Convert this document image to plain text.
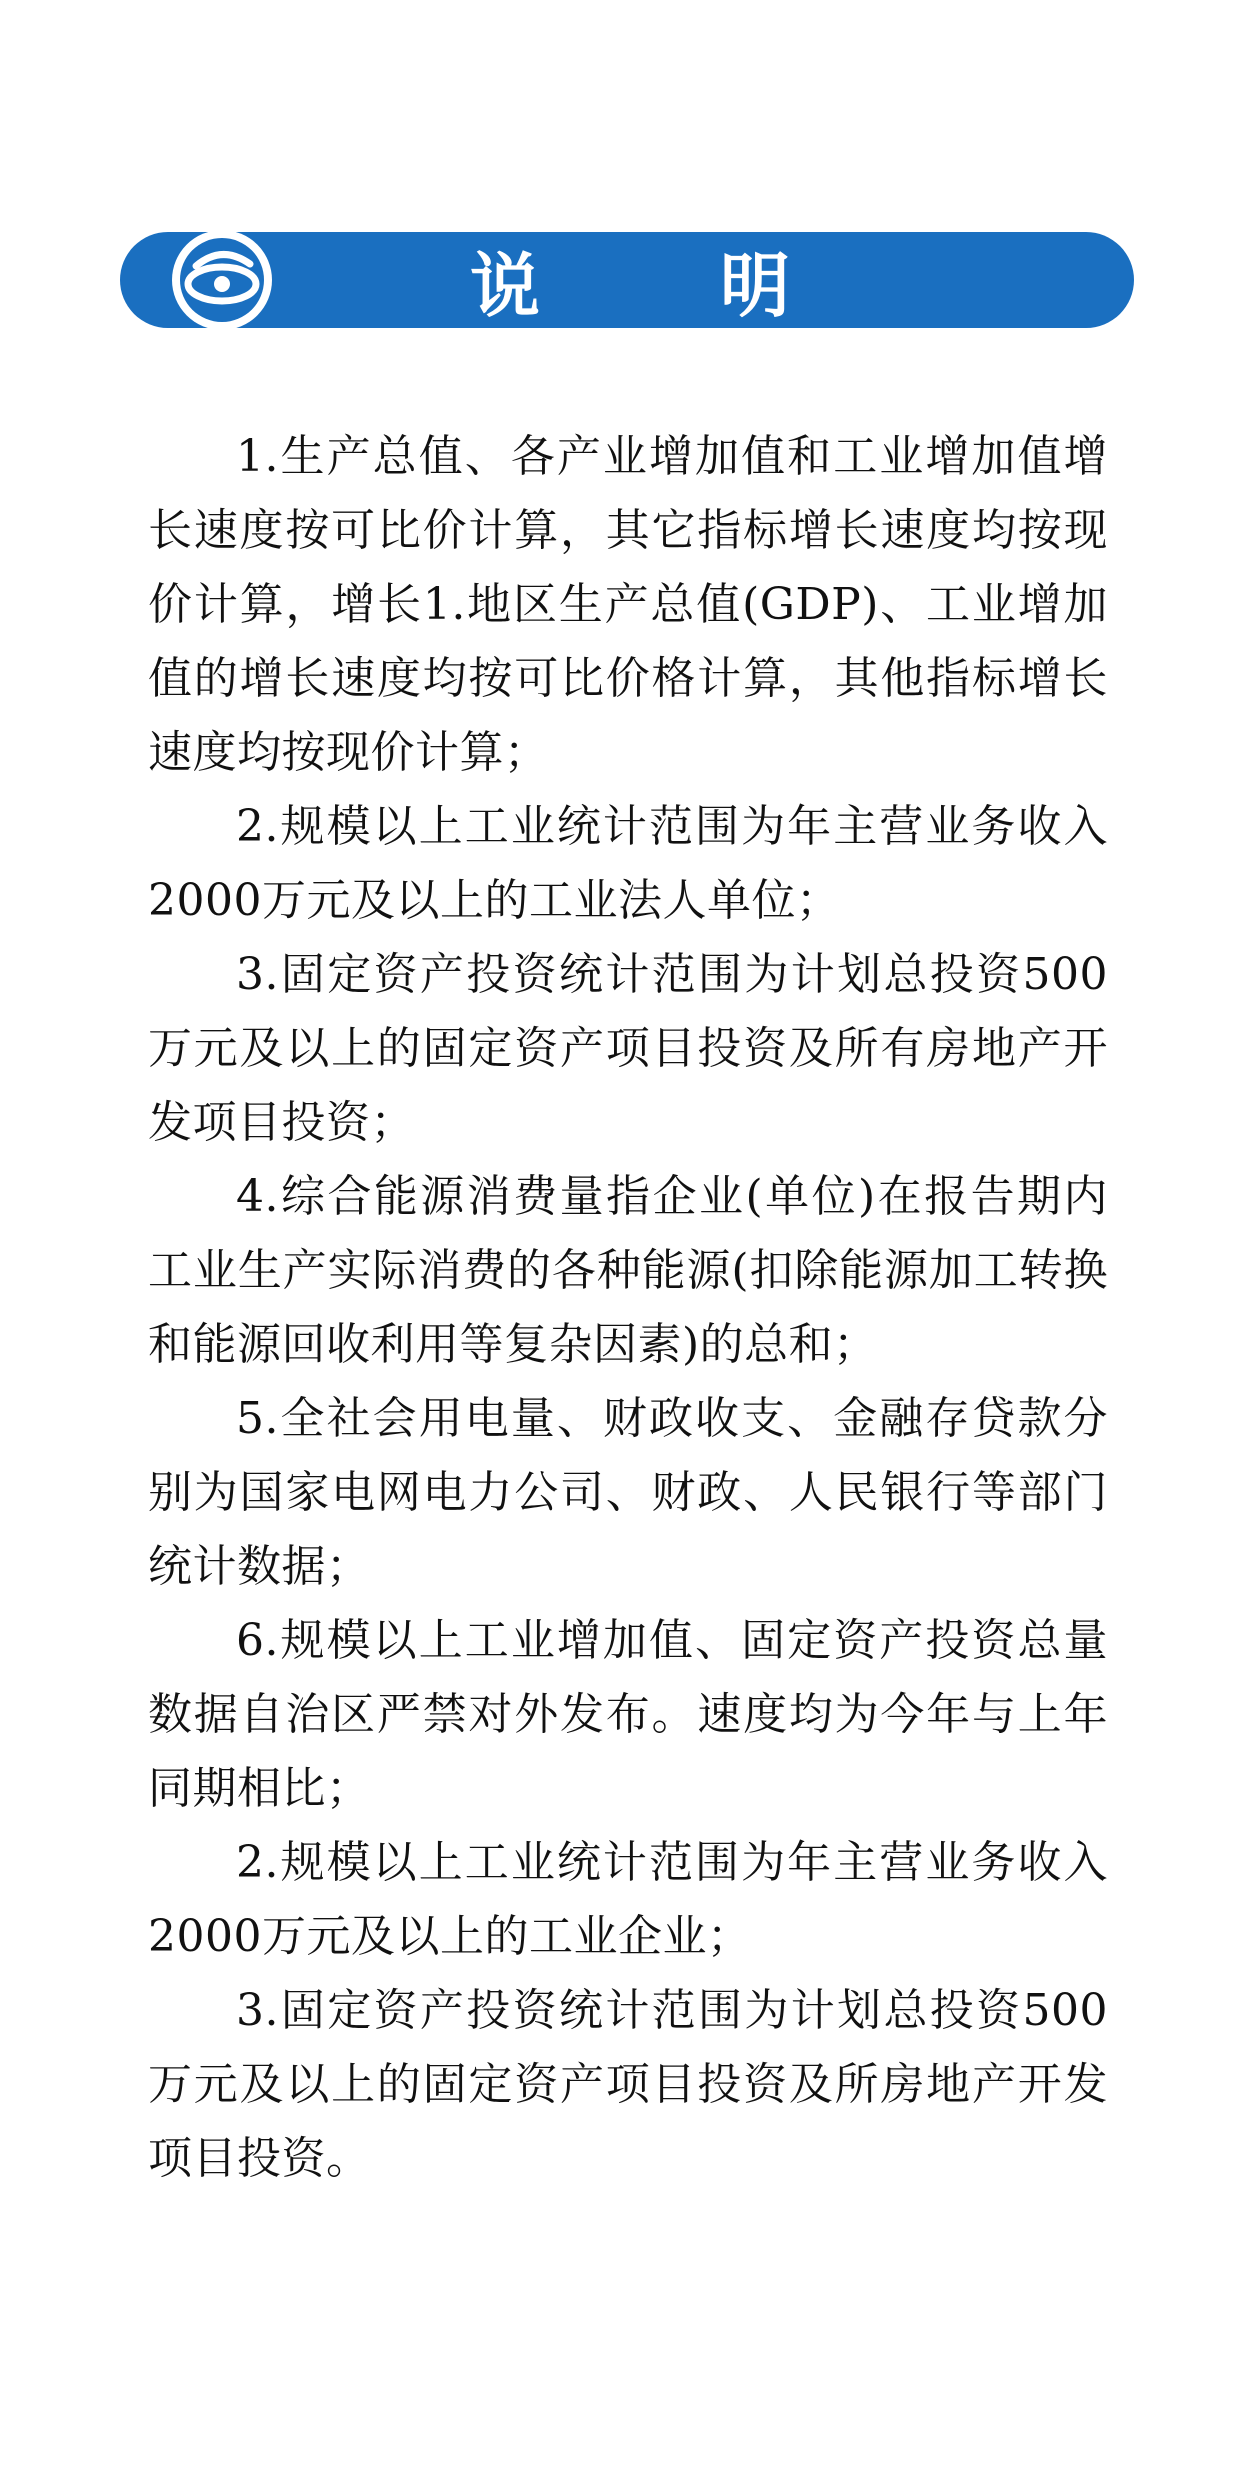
说	明

1.生产总值、各产业增加值和工业增加值增长速度按可比价计算，其它指标增长速度均按现价计算，增长1.地区生产总值(GDP)、工业增加值的增长速度均按可比价格计算，其他指标增长速度均按现价计算；

2.规模以上工业统计范围为年主营业务收入2000万元及以上的工业法人单位；

3.固定资产投资统计范围为计划总投资500万元及以上的固定资产项目投资及所有房地产开发项目投资；

4.综合能源消费量指企业(单位)在报告期内工业生产实际消费的各种能源(扣除能源加工转换和能源回收利用等复杂因素)的总和；

5.全社会用电量、财政收支、金融存贷款分别为国家电网电力公司、财政、人民银行等部门统计数据；

6.规模以上工业增加值、固定资产投资总量数据自治区严禁对外发布。速度均为今年与上年同期相比；

2.规模以上工业统计范围为年主营业务收入2000万元及以上的工业企业；

3.固定资产投资统计范围为计划总投资500万元及以上的固定资产项目投资及所房地产开发项目投资。
